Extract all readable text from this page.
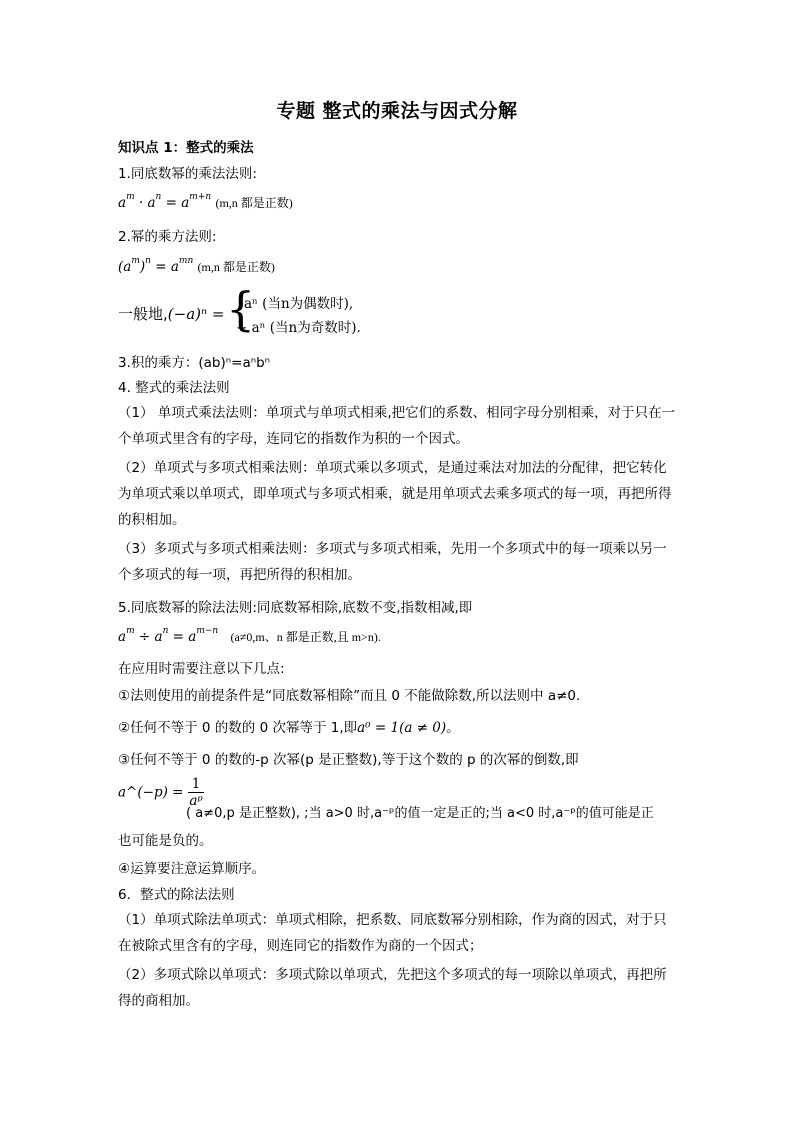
专题 整式的乘法与因式分解
知识点 1：整式的乘法
1.同底数幂的乘法法则:
$a^m \cdot a^n = a^{m+n}$ (m,n 都是正数)
2.幂的乘方法则:
$(a^m)^n = a^{mn}$ (m,n 都是正数)
一般地,(−a)ⁿ = {
aⁿ (当n为偶数时),
− aⁿ (当n为奇数时).
3.积的乘方：(ab)ⁿ=aⁿbⁿ
4. 整式的乘法法则
（1） 单项式乘法法则：单项式与单项式相乘,把它们的系数、相同字母分别相乘，对于只在一个单项式里含有的字母，连同它的指数作为积的一个因式。
（2）单项式与多项式相乘法则：单项式乘以多项式，是通过乘法对加法的分配律，把它转化为单项式乘以单项式，即单项式与多项式相乘，就是用单项式去乘多项式的每一项，再把所得的积相加。
（3）多项式与多项式相乘法则：多项式与多项式相乘，先用一个多项式中的每一项乘以另一个多项式的每一项，再把所得的积相加。
5.同底数幂的除法法则:同底数幂相除,底数不变,指数相减,即
$a^m \div a^n = a^{m-n}$ (a≠0,m、n 都是正数,且 m>n).
在应用时需要注意以下几点:
①法则使用的前提条件是“同底数幂相除”而且 0 不能做除数,所以法则中 a≠0.
②任何不等于 0 的数的 0 次幂等于 1,即a⁰ = 1(a ≠ 0)。
③任何不等于 0 的数的-p 次幂(p 是正整数),等于这个数的 p 的次幂的倒数,即
a^(−p) = $\frac{1}{\text{aᵖ}}$
( a≠0,p 是正整数), ;当 a>0 时,a⁻ᵖ的值一定是正的;当 a<0 时,a⁻ᵖ的值可能是正
也可能是负的。
④运算要注意运算顺序。
6．整式的除法法则
（1）单项式除法单项式：单项式相除，把系数、同底数幂分别相除，作为商的因式，对于只在被除式里含有的字母，则连同它的指数作为商的一个因式；
（2）多项式除以单项式：多项式除以单项式，先把这个多项式的每一项除以单项式，再把所得的商相加。
